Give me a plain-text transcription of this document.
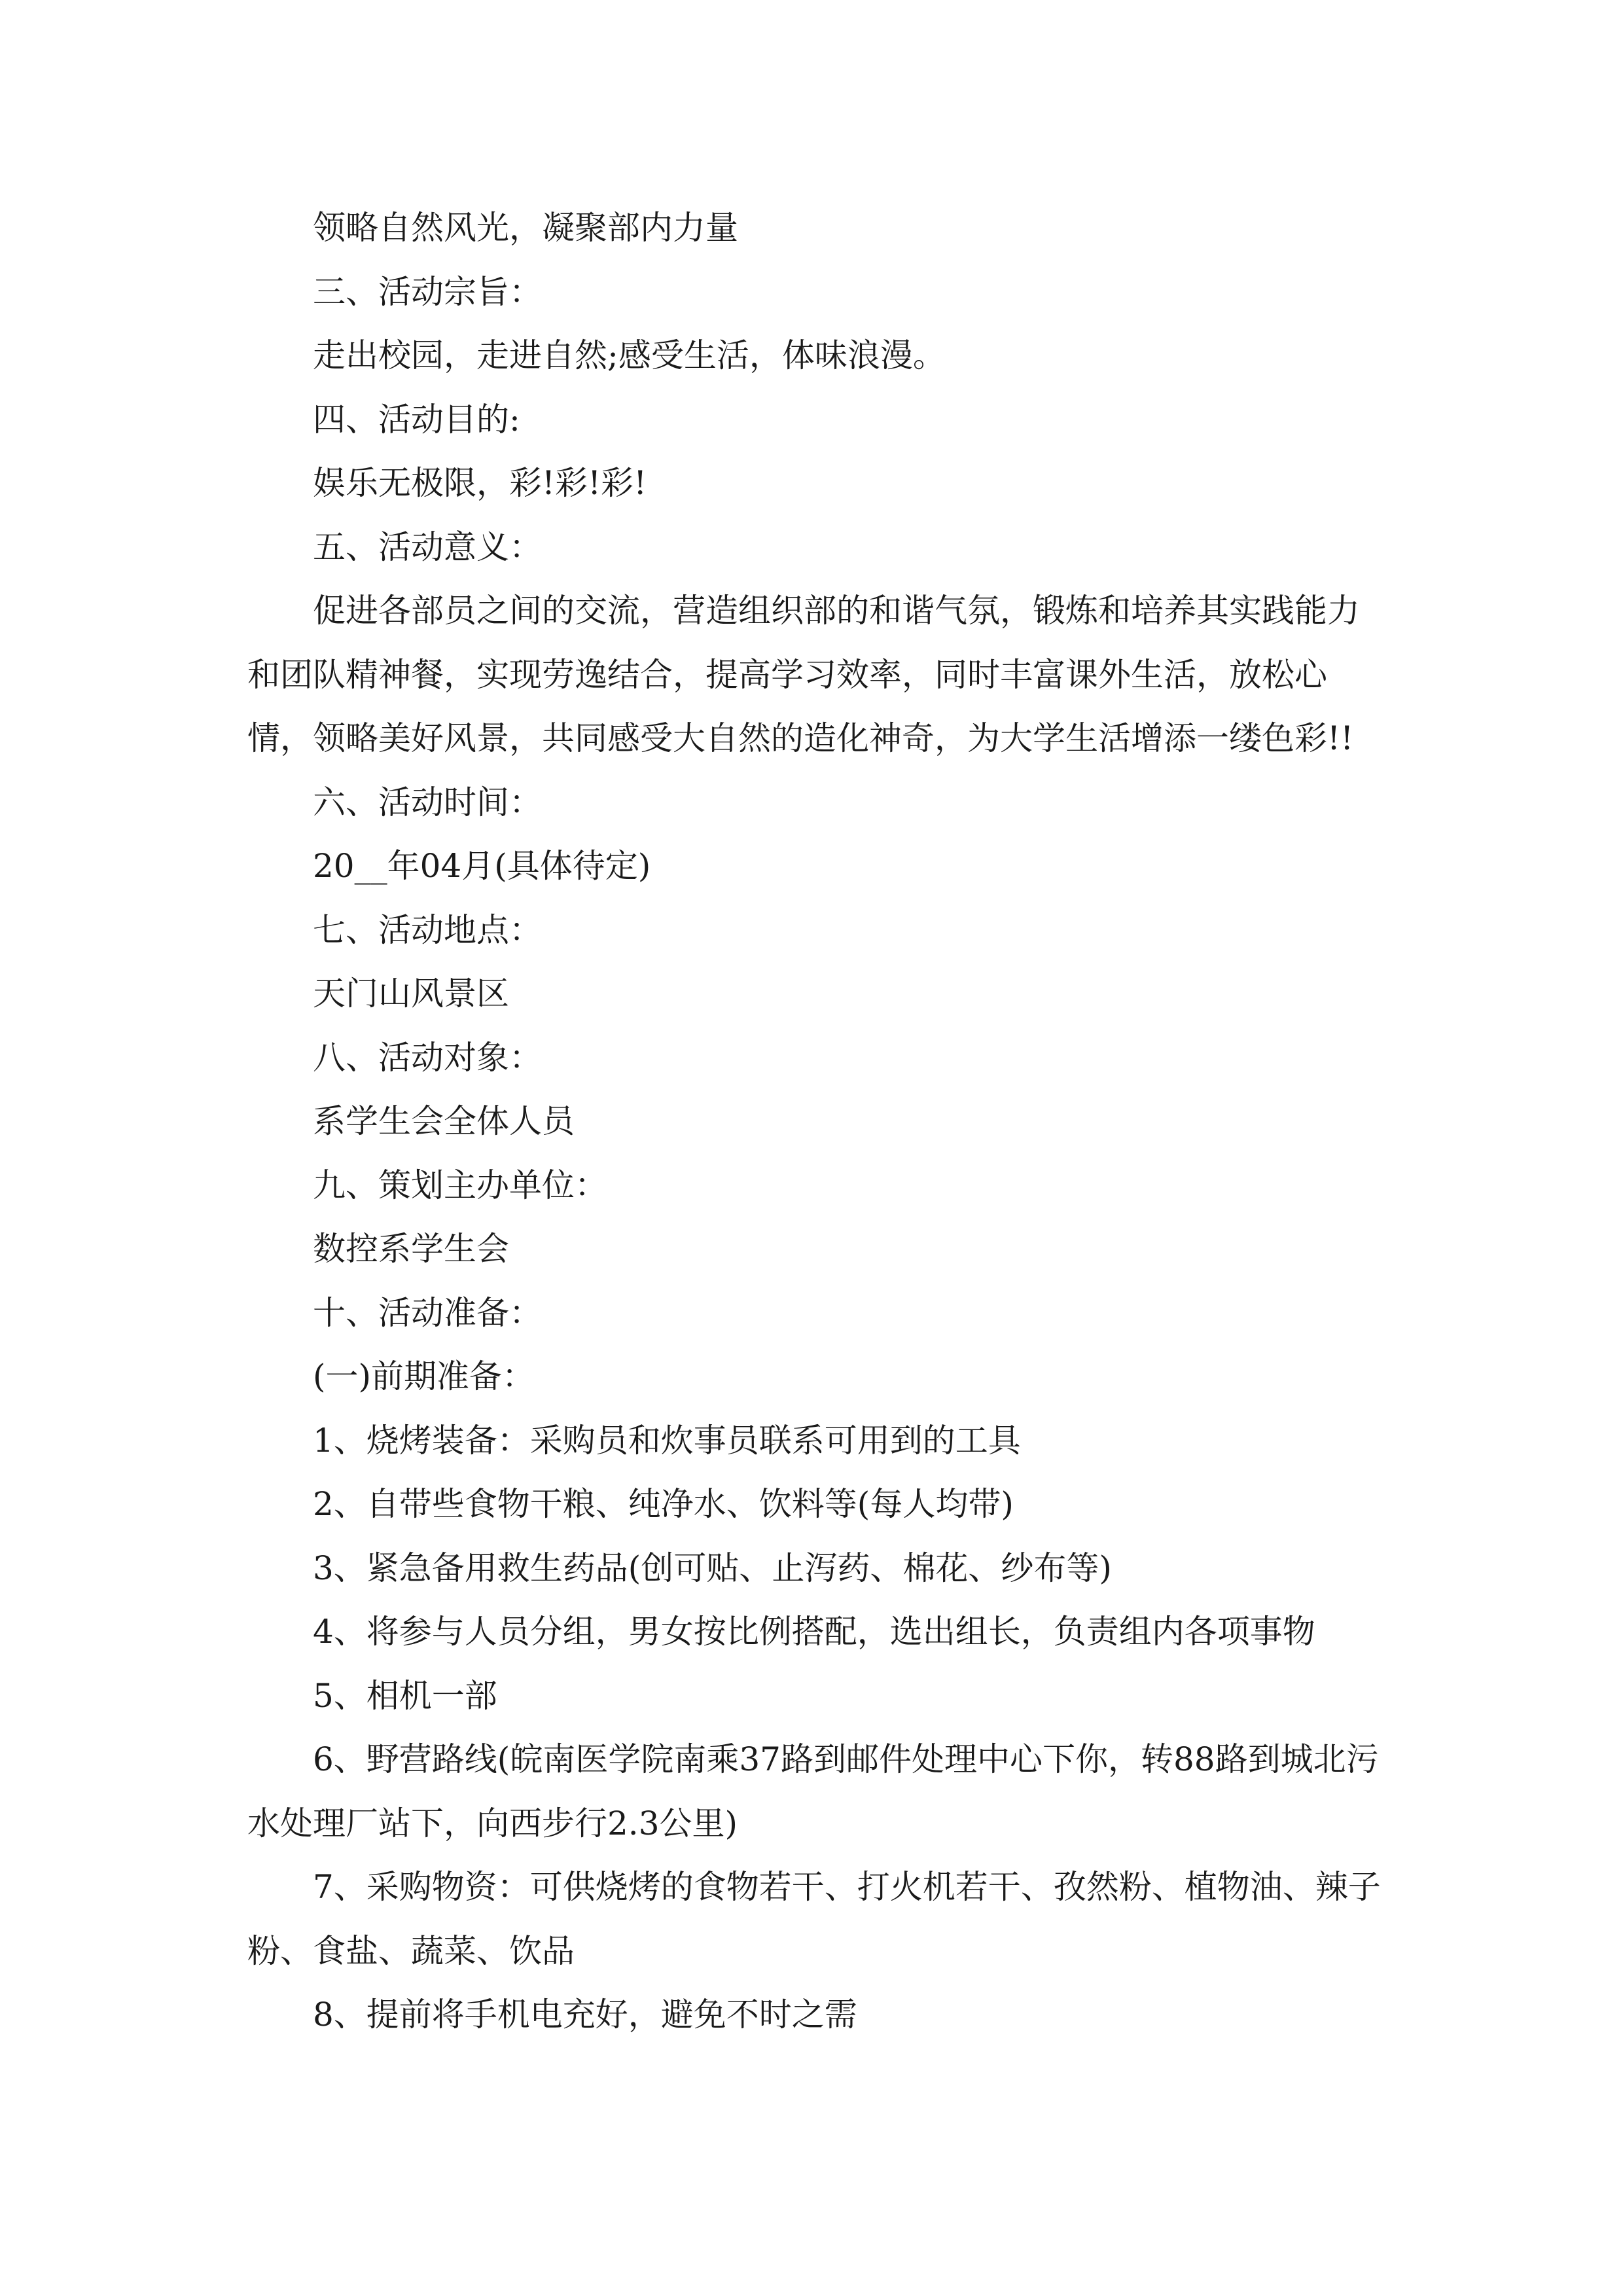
领略自然风光，凝聚部内力量

三、活动宗旨：

走出校园，走进自然;感受生活，体味浪漫。

四、活动目的:

娱乐无极限，彩!彩!彩!

五、活动意义：

促进各部员之间的交流，营造组织部的和谐气氛，锻炼和培养其实践能力和团队精神餐，实现劳逸结合，提高学习效率，同时丰富课外生活，放松心情，领略美好风景，共同感受大自然的造化神奇，为大学生活增添一缕色彩!!

六、活动时间：

20__年04月(具体待定)

七、活动地点：

天门山风景区

八、活动对象：

系学生会全体人员

九、策划主办单位：

数控系学生会

十、活动准备：

(一)前期准备：

1、烧烤装备：采购员和炊事员联系可用到的工具

2、自带些食物干粮、纯净水、饮料等(每人均带)

3、紧急备用救生药品(创可贴、止泻药、棉花、纱布等)

4、将参与人员分组，男女按比例搭配，选出组长，负责组内各项事物

5、相机一部

6、野营路线(皖南医学院南乘37路到邮件处理中心下你，转88路到城北污水处理厂站下，向西步行2.3公里)

7、采购物资：可供烧烤的食物若干、打火机若干、孜然粉、植物油、辣子粉、食盐、蔬菜、饮品

8、提前将手机电充好，避免不时之需
